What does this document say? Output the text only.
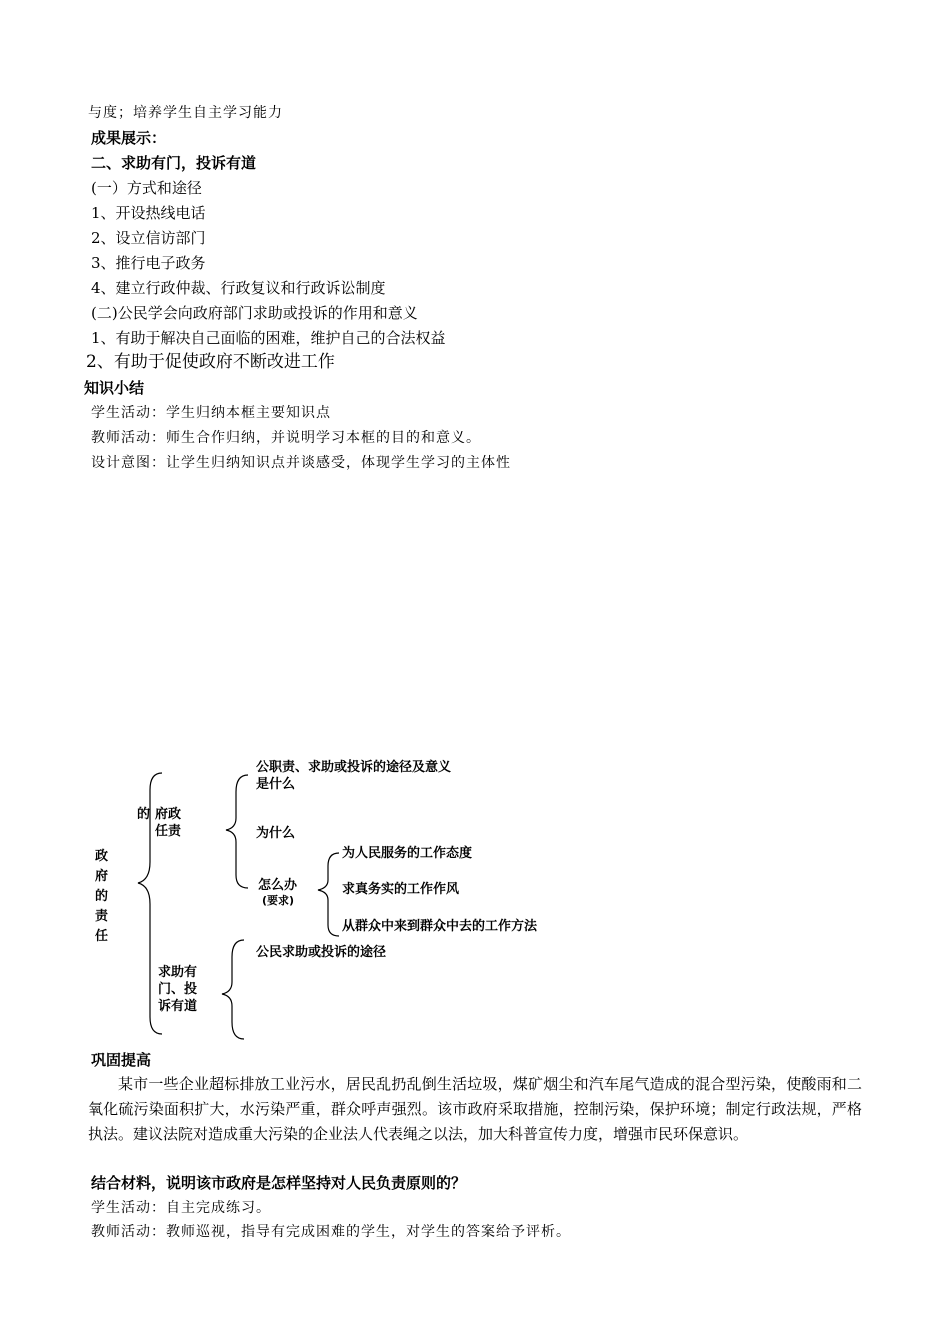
与度；培养学生自主学习能力
成果展示：
二、求助有门，投诉有道
(一）方式和途径
1、开设热线电话
2、设立信访部门
3、推行电子政务
4、建立行政仲裁、行政复议和行政诉讼制度
(二)公民学会向政府部门求助或投诉的作用和意义
1、有助于解决自己面临的困难，维护自己的合法权益
2、有助于促使政府不断改进工作
知识小结
学生活动：学生归纳本框主要知识点
教师活动：师生合作归纳，并说明学习本框的目的和意义。
设计意图：让学生归纳知识点并谈感受，体现学生学习的主体性
政府的责任
的 府政
任责
公职责、求助或投诉的途径及意义
是什么
为什么
怎么办
(要求)
为人民服务的工作态度
求真务实的工作作风
从群众中来到群众中去的工作方法
求助有
门、投
诉有道
公民求助或投诉的途径
巩固提高
某市一些企业超标排放工业污水，居民乱扔乱倒生活垃圾，煤矿烟尘和汽车尾气造成的混合型污染，使酸雨和二氧化硫污染面积扩大，水污染严重，群众呼声强烈。该市政府采取措施，控制污染，保护环境；制定行政法规，严格执法。建议法院对造成重大污染的企业法人代表绳之以法，加大科普宣传力度，增强市民环保意识。
结合材料，说明该市政府是怎样坚持对人民负责原则的？
学生活动：自主完成练习。
教师活动：教师巡视，指导有完成困难的学生，对学生的答案给予评析。
